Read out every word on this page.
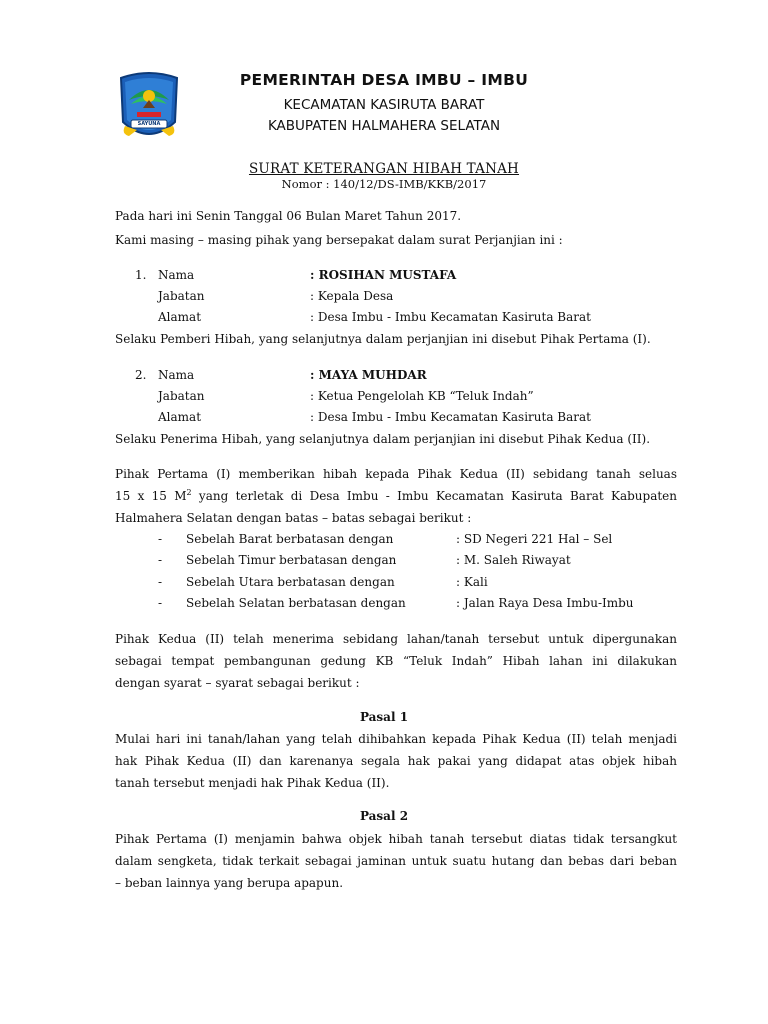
SAYUNA
PEMERINTAH DESA IMBU – IMBU
KECAMATAN KASIRUTA BARAT
KABUPATEN HALMAHERA SELATAN
SURAT KETERANGAN HIBAH TANAH
Nomor : 140/12/DS-IMB/KKB/2017
Pada hari ini Senin Tanggal 06 Bulan Maret Tahun 2017.
Kami masing – masing pihak yang bersepakat dalam surat Perjanjian ini :
1. Nama	: ROSIHAN MUSTAFA
Jabatan	: Kepala Desa
Alamat	: Desa Imbu - Imbu Kecamatan Kasiruta Barat
Selaku Pemberi Hibah, yang selanjutnya dalam perjanjian ini disebut Pihak Pertama (I).
2. Nama	: MAYA MUHDAR
Jabatan	: Ketua Pengelolah KB “Teluk Indah”
Alamat	: Desa Imbu - Imbu Kecamatan Kasiruta Barat
Selaku Penerima Hibah, yang selanjutnya dalam perjanjian ini disebut Pihak Kedua (II).
Pihak Pertama (I) memberikan hibah kepada Pihak Kedua (II) sebidang tanah seluas
15 x 15 $M^2$ yang terletak di Desa Imbu - Imbu Kecamatan Kasiruta Barat Kabupaten
Halmahera Selatan dengan batas – batas sebagai berikut :
- Sebelah Barat berbatasan dengan	: SD Negeri 221 Hal – Sel
- Sebelah Timur berbatasan dengan	: M. Saleh Riwayat
- Sebelah Utara berbatasan dengan	: Kali
- Sebelah Selatan berbatasan dengan	: Jalan Raya Desa Imbu-Imbu
Pihak Kedua (II) telah menerima sebidang lahan/tanah tersebut untuk dipergunakan
sebagai tempat pembangunan gedung KB “Teluk Indah” Hibah lahan ini dilakukan
dengan syarat – syarat sebagai berikut :
Pasal 1
Mulai hari ini tanah/lahan yang telah dihibahkan kepada Pihak Kedua (II) telah menjadi
hak Pihak Kedua (II) dan karenanya segala hak pakai yang didapat atas objek hibah
tanah tersebut menjadi hak Pihak Kedua (II).
Pasal 2
Pihak Pertama (I) menjamin bahwa objek hibah tanah tersebut diatas tidak tersangkut
dalam sengketa, tidak terkait sebagai jaminan untuk suatu hutang dan bebas dari beban
– beban lainnya yang berupa apapun.
